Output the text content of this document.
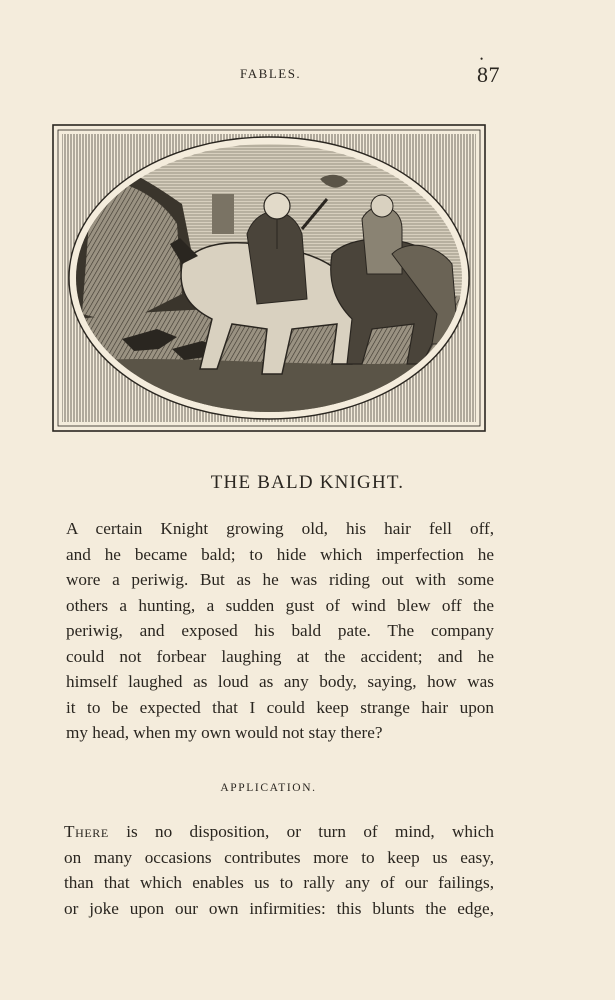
FABLES.
•
87
THE BALD KNIGHT.
A certain Knight growing old, his hair fell off,
and he became bald; to hide which imperfection he
wore a periwig. But as he was riding out with some
others a hunting, a sudden gust of wind blew off the
periwig, and exposed his bald pate. The company
could not forbear laughing at the accident; and he
himself laughed as loud as any body, saying, how was
it to be expected that I could keep strange hair upon
my head, when my own would not stay there?
APPLICATION.
There is no disposition, or turn of mind, which
on many occasions contributes more to keep us easy,
than that which enables us to rally any of our failings,
or joke upon our own infirmities: this blunts the edge,
